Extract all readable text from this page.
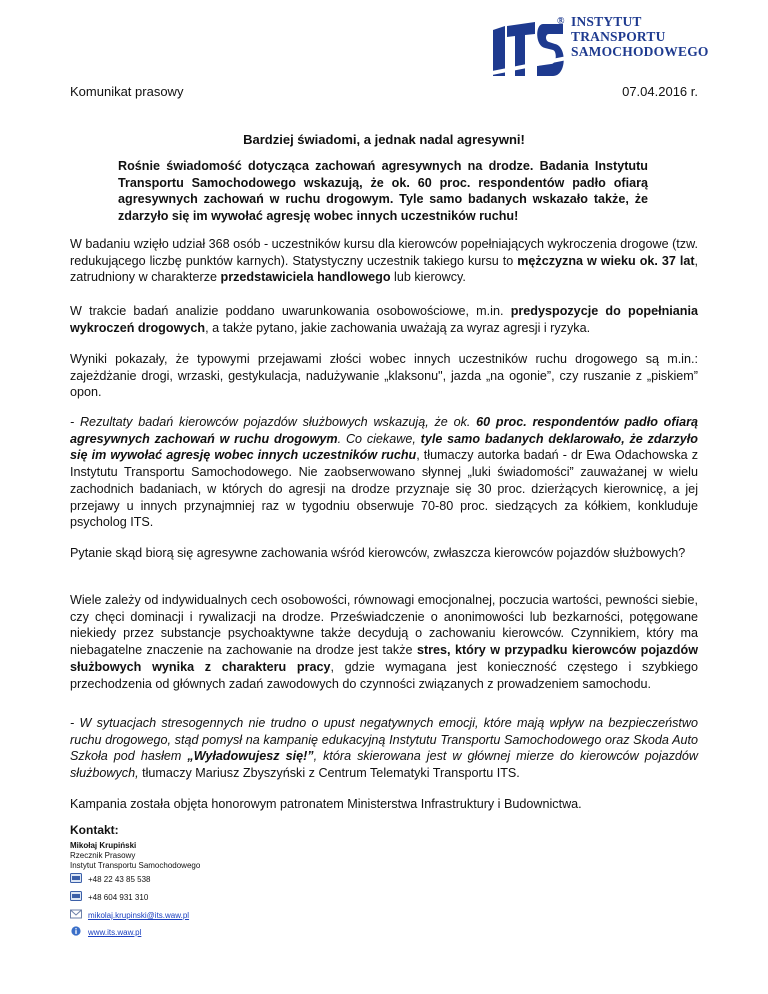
® INSTYTUT
TRANSPORTU
SAMOCHODOWEGO
Komunikat prasowy	07.04.2016 r.
Bardziej świadomi, a jednak nadal agresywni!
Rośnie świadomość dotycząca zachowań agresywnych na drodze. Badania Instytutu Transportu Samochodowego wskazują, że ok. 60 proc. respondentów padło ofiarą agresywnych zachowań w ruchu drogowym. Tyle samo badanych wskazało także, że zdarzyło się im wywołać agresję wobec innych uczestników ruchu!
W badaniu wzięło udział 368 osób - uczestników kursu dla kierowców popełniających wykroczenia drogowe (tzw. redukującego liczbę punktów karnych). Statystyczny uczestnik takiego kursu to mężczyzna w wieku ok. 37 lat, zatrudniony w charakterze przedstawiciela handlowego lub kierowcy.
W trakcie badań analizie poddano uwarunkowania osobowościowe, m.in. predyspozycje do popełniania wykroczeń drogowych, a także pytano, jakie zachowania uważają za wyraz agresji i ryzyka.
Wyniki pokazały, że typowymi przejawami złości wobec innych uczestników ruchu drogowego są m.in.: zajeżdżanie drogi, wrzaski, gestykulacja, nadużywanie „klaksonu", jazda „na ogonie”, czy ruszanie z „piskiem” opon.
- Rezultaty badań kierowców pojazdów służbowych wskazują, że ok. 60 proc. respondentów padło ofiarą agresywnych zachowań w ruchu drogowym. Co ciekawe, tyle samo badanych deklarowało, że zdarzyło się im wywołać agresję wobec innych uczestników ruchu, tłumaczy autorka badań - dr Ewa Odachowska z Instytutu Transportu Samochodowego. Nie zaobserwowano słynnej „luki świadomości” zauważanej w wielu zachodnich badaniach, w których do agresji na drodze przyznaje się 30 proc. dzierżących kierownicę, a jej przejawy u innych przynajmniej raz w tygodniu obserwuje 70-80 proc. siedzących za kółkiem, konkluduje psycholog ITS.
Pytanie skąd biorą się agresywne zachowania wśród kierowców, zwłaszcza kierowców pojazdów służbowych?
Wiele zależy od indywidualnych cech osobowości, równowagi emocjonalnej, poczucia wartości, pewności siebie, czy chęci dominacji i rywalizacji na drodze. Przeświadczenie o anonimowości lub bezkarności, potęgowane niekiedy przez substancje psychoaktywne także decydują o zachowaniu kierowców. Czynnikiem, który ma niebagatelne znaczenie na zachowanie na drodze jest także stres, który w przypadku kierowców pojazdów służbowych wynika z charakteru pracy, gdzie wymagana jest konieczność częstego i szybkiego przechodzenia od głównych zadań zawodowych do czynności związanych z prowadzeniem samochodu.
- W sytuacjach stresogennych nie trudno o upust negatywnych emocji, które mają wpływ na bezpieczeństwo ruchu drogowego, stąd pomysł na kampanię edukacyjną Instytutu Transportu Samochodowego oraz Skoda Auto Szkoła pod hasłem „Wyładowujesz się!”, która skierowana jest w głównej mierze do kierowców pojazdów służbowych, tłumaczy Mariusz Zbyszyński z Centrum Telematyki Transportu ITS.
Kampania została objęta honorowym patronatem Ministerstwa Infrastruktury i Budownictwa.
Kontakt:
Mikołaj Krupiński
Rzecznik Prasowy
Instytut Transportu Samochodowego
+48 22 43 85 538
+48 604 931 310
mikolaj.krupinski@its.waw.pl
www.its.waw.pl
